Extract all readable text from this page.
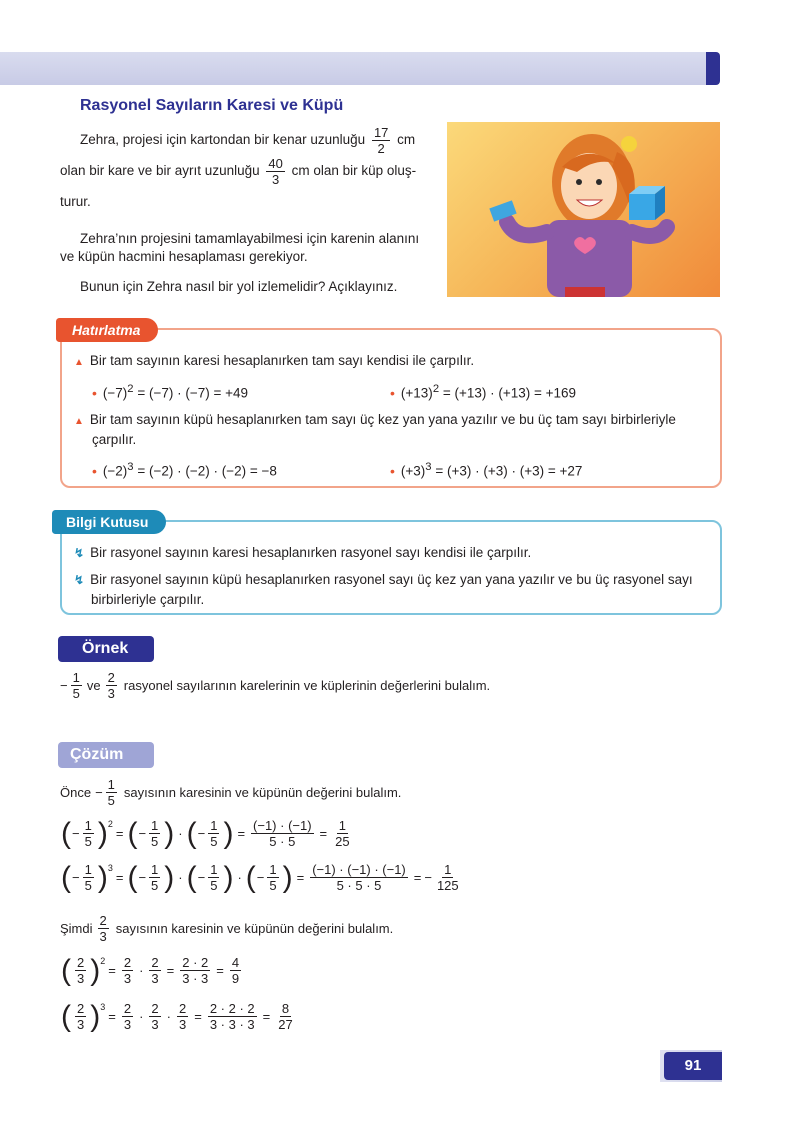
Rasyonel Sayıların Karesi ve Küpü
Zehra, projesi için kartondan bir kenar uzunluğu $\frac{17}{2}$ cm
olan bir kare ve bir ayrıt uzunluğu $\frac{40}{3}$ cm olan bir küp oluş-
turur.
Zehra’nın projesini tamamlayabilmesi için karenin alanını
ve küpün hacmini hesaplaması gerekiyor.
Bunun için Zehra nasıl bir yol izlemelidir? Açıklayınız.
Hatırlatma
▲ Bir tam sayının karesi hesaplanırken tam sayı kendisi ile çarpılır.
• $(-7)^2 = (-7) \cdot (-7) = +49$	• $(+13)^2 = (+13) \cdot (+13) = +169$
▲ Bir tam sayının küpü hesaplanırken tam sayı üç kez yan yana yazılır ve bu üç tam sayı birbirleriyle
çarpılır.
• $(-2)^3 = (-2) \cdot (-2) \cdot (-2) = -8$	• $(+3)^3 = (+3) \cdot (+3) \cdot (+3) = +27$
Bilgi Kutusu
↯ Bir rasyonel sayının karesi hesaplanırken rasyonel sayı kendisi ile çarpılır.
↯ Bir rasyonel sayının küpü hesaplanırken rasyonel sayı üç kez yan yana yazılır ve bu üç rasyonel sayı
birbirleriyle çarpılır.
Örnek
− $\frac{1}{5}$ ve $\frac{2}{3}$ rasyonel sayılarının karelerinin ve küplerinin değerlerini bulalım.
Çözüm
Önce − $\frac{1}{5}$ sayısının karesinin ve küpünün değerini bulalım.
( − $\frac{1}{5}$ ) 2
= ( − $\frac{1}{5}$ ) · ( − $\frac{1}{5}$ ) = $\frac{(-1) \cdot (-1)}{5 \cdot 5} = \frac{1}{25}$
( − $\frac{1}{5}$ ) 3
= ( − $\frac{1}{5}$ ) · ( − $\frac{1}{5}$ ) · ( − $\frac{1}{5}$ ) = $\frac{(-1) \cdot (-1) \cdot (-1)}{5 \cdot 5 \cdot 5}$ = − $\frac{1}{125}$
Şimdi $\frac{2}{3}$ sayısının karesinin ve küpünün değerini bulalım.
( $\frac{2}{3}$ ) 2
= $\frac{2}{3} \cdot \frac{2}{3} = \frac{2 \cdot 2}{3 \cdot 3} = \frac{4}{9}$
( $\frac{2}{3}$ ) 3
= $\frac{2}{3} \cdot \frac{2}{3} \cdot \frac{2}{3} = \frac{2 \cdot 2 \cdot 2}{3 \cdot 3 \cdot 3} = \frac{8}{27}$
91
